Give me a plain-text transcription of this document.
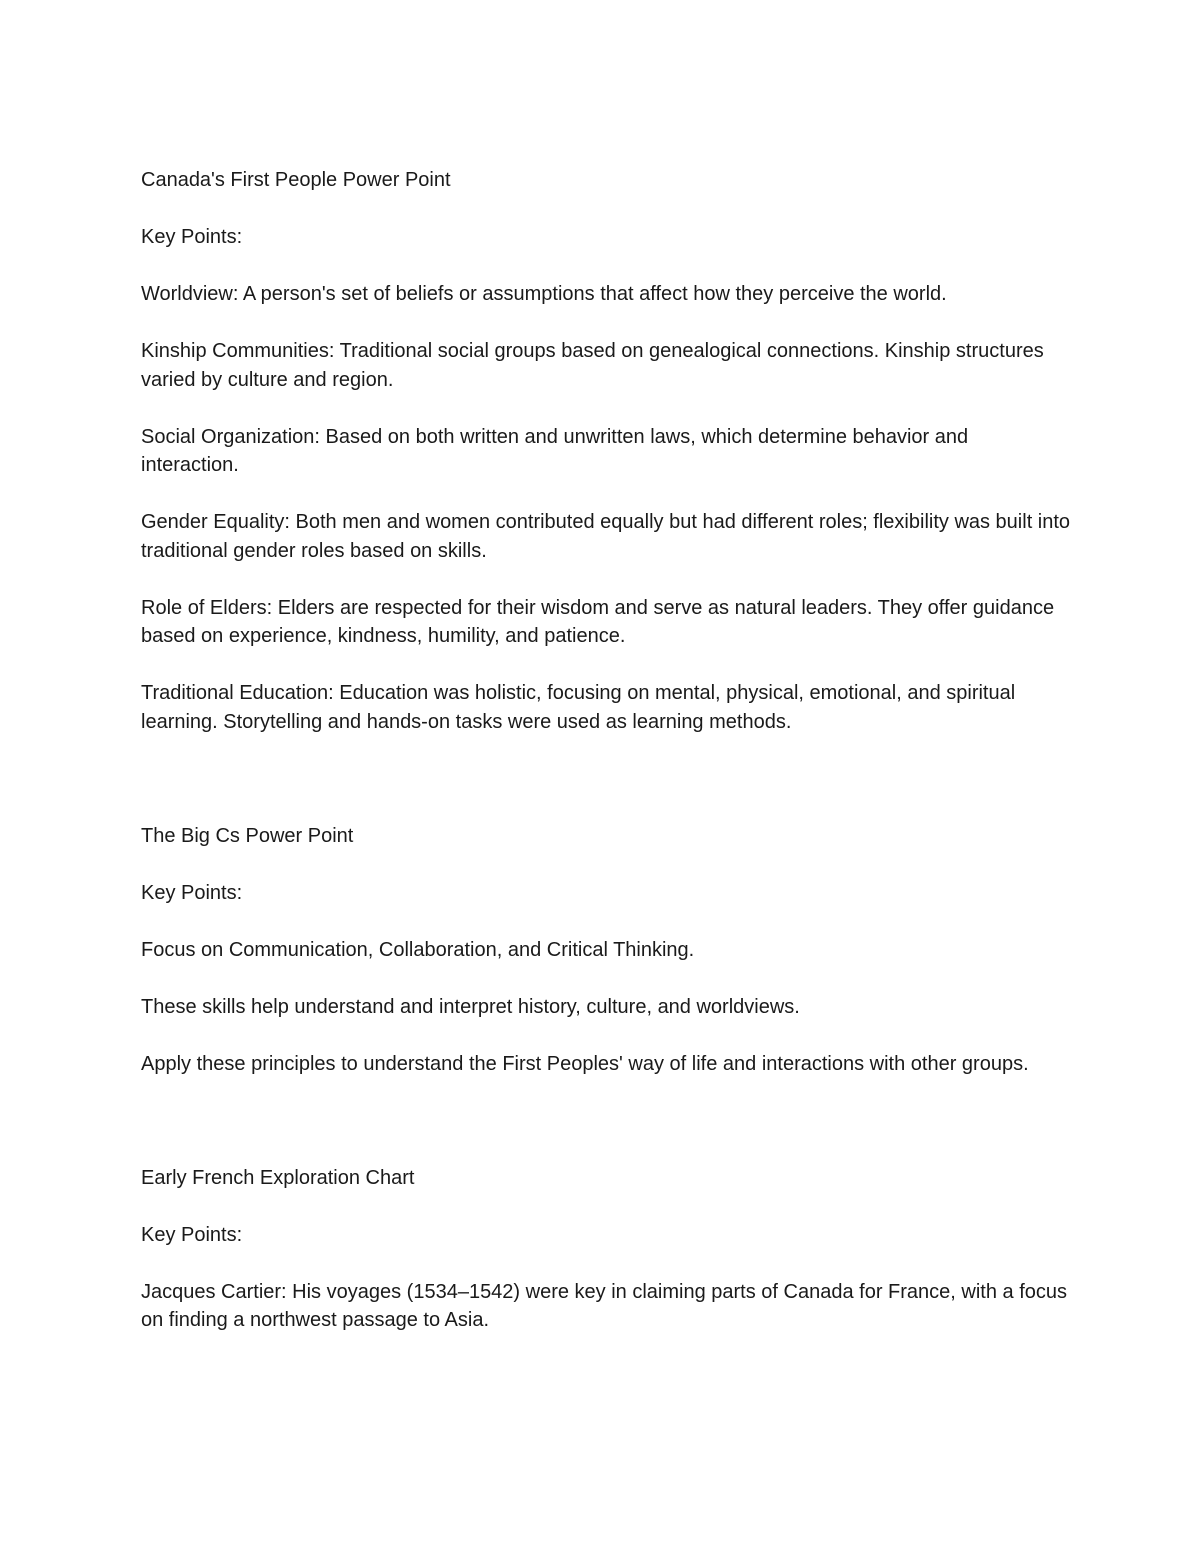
Canada's First People Power Point

Key Points:

Worldview: A person's set of beliefs or assumptions that affect how they perceive the world.

Kinship Communities: Traditional social groups based on genealogical connections. Kinship structures varied by culture and region.

Social Organization: Based on both written and unwritten laws, which determine behavior and interaction.

Gender Equality: Both men and women contributed equally but had different roles; flexibility was built into traditional gender roles based on skills.

Role of Elders: Elders are respected for their wisdom and serve as natural leaders. They offer guidance based on experience, kindness, humility, and patience.

Traditional Education: Education was holistic, focusing on mental, physical, emotional, and spiritual learning. Storytelling and hands-on tasks were used as learning methods.

The Big Cs Power Point

Key Points:

Focus on Communication, Collaboration, and Critical Thinking.

These skills help understand and interpret history, culture, and worldviews.

Apply these principles to understand the First Peoples' way of life and interactions with other groups.

Early French Exploration Chart

Key Points:

Jacques Cartier: His voyages (1534–1542) were key in claiming parts of Canada for France, with a focus on finding a northwest passage to Asia.
